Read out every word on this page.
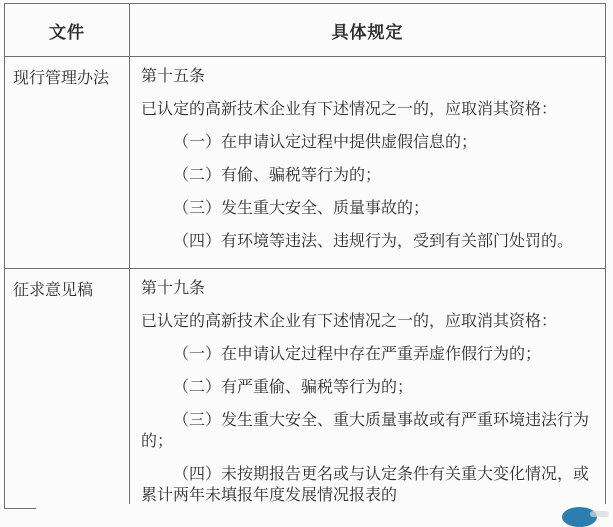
文件	具体规定
现行管理办法	第十五条

已认定的高新技术企业有下述情况之一的，应取消其资格：

（一）在申请认定过程中提供虚假信息的；

（二）有偷、骗税等行为的；

（三）发生重大安全、质量事故的；

（四）有环境等违法、违规行为，受到有关部门处罚的。

征求意见稿	第十九条

已认定的高新技术企业有下述情况之一的，应取消其资格：

（一）在申请认定过程中存在严重弄虚作假行为的；

（二）有严重偷、骗税等行为的；

（三）发生重大安全、重大质量事故或有严重环境违法行为的；

（四）未按期报告更名或与认定条件有关重大变化情况，或累计两年未填报年度发展情况报表的
